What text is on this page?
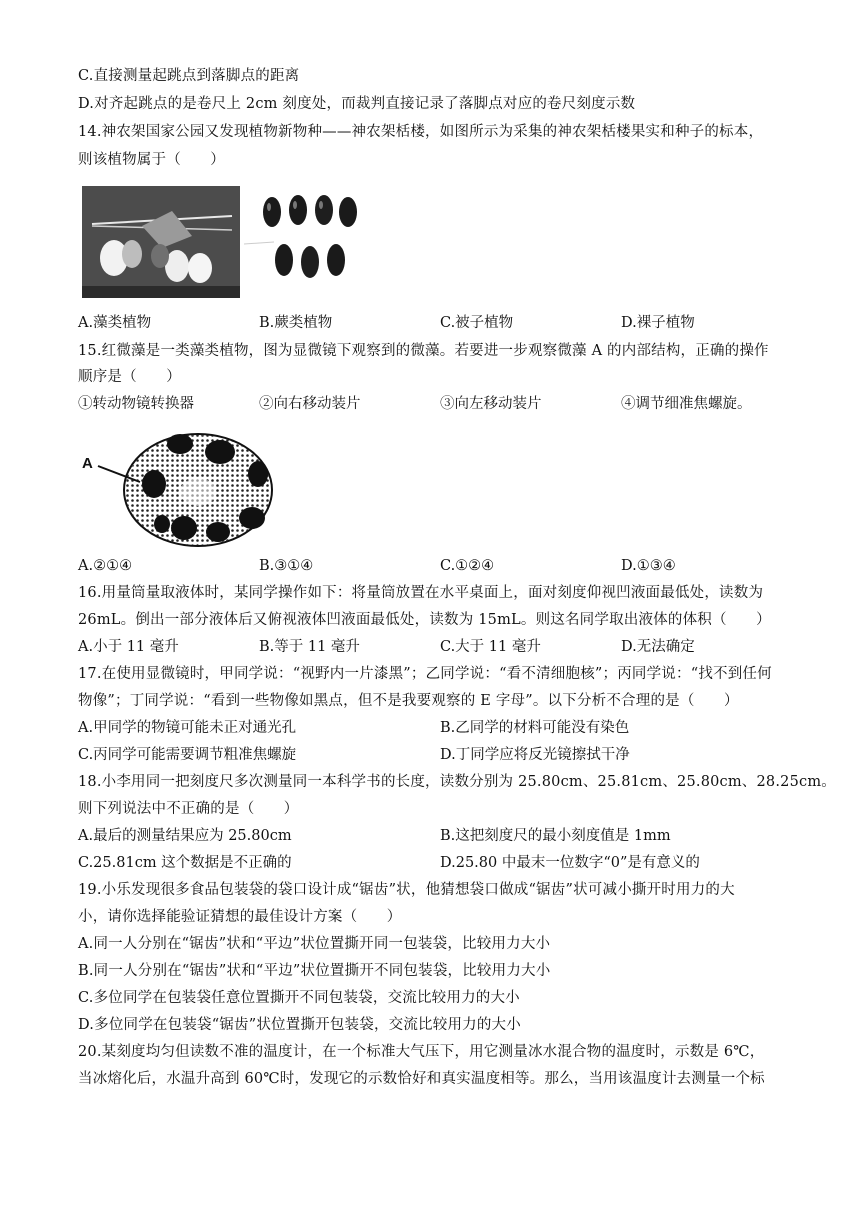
C.直接测量起跳点到落脚点的距离
D.对齐起跳点的是卷尺上 2cm 刻度处，而裁判直接记录了落脚点对应的卷尺刻度示数
14.神农架国家公园又发现植物新物种——神农架栝楼，如图所示为采集的神农架栝楼果实和种子的标本，
则该植物属于（　　）
A.藻类植物	B.蕨类植物	C.被子植物	D.裸子植物
15.红微藻是一类藻类植物，图为显微镜下观察到的微藻。若要进一步观察微藻 A 的内部结构，正确的操作
顺序是（　　）
①转动物镜转换器	②向右移动装片	③向左移动装片	④调节细准焦螺旋。
A
A.②①④	B.③①④	C.①②④	D.①③④
16.用量筒量取液体时，某同学操作如下：将量筒放置在水平桌面上，面对刻度仰视凹液面最低处，读数为
26mL。倒出一部分液体后又俯视液体凹液面最低处，读数为 15mL。则这名同学取出液体的体积（　　）
A.小于 11 毫升	B.等于 11 毫升	C.大于 11 毫升	D.无法确定
17.在使用显微镜时，甲同学说：“视野内一片漆黑”；乙同学说：“看不清细胞核”；丙同学说：“找不到任何
物像”；丁同学说：“看到一些物像如黑点，但不是我要观察的 E 字母”。以下分析不合理的是（　　）
A.甲同学的物镜可能未正对通光孔	B.乙同学的材料可能没有染色
C.丙同学可能需要调节粗准焦螺旋	D.丁同学应将反光镜擦拭干净
18.小李用同一把刻度尺多次测量同一本科学书的长度，读数分别为 25.80cm、25.81cm、25.80cm、28.25cm。
则下列说法中不正确的是（　　）
A.最后的测量结果应为 25.80cm	B.这把刻度尺的最小刻度值是 1mm
C.25.81cm 这个数据是不正确的	D.25.80 中最末一位数字“0”是有意义的
19.小乐发现很多食品包装袋的袋口设计成“锯齿”状，他猜想袋口做成“锯齿”状可减小撕开时用力的大
小，请你选择能验证猜想的最佳设计方案（　　）
A.同一人分别在“锯齿”状和“平边”状位置撕开同一包装袋，比较用力大小
B.同一人分别在“锯齿”状和“平边”状位置撕开不同包装袋，比较用力大小
C.多位同学在包装袋任意位置撕开不同包装袋，交流比较用力的大小
D.多位同学在包装袋“锯齿”状位置撕开包装袋，交流比较用力的大小
20.某刻度均匀但读数不准的温度计，在一个标准大气压下，用它测量冰水混合物的温度时，示数是 6℃，
当冰熔化后，水温升高到 60℃时，发现它的示数恰好和真实温度相等。那么，当用该温度计去测量一个标
